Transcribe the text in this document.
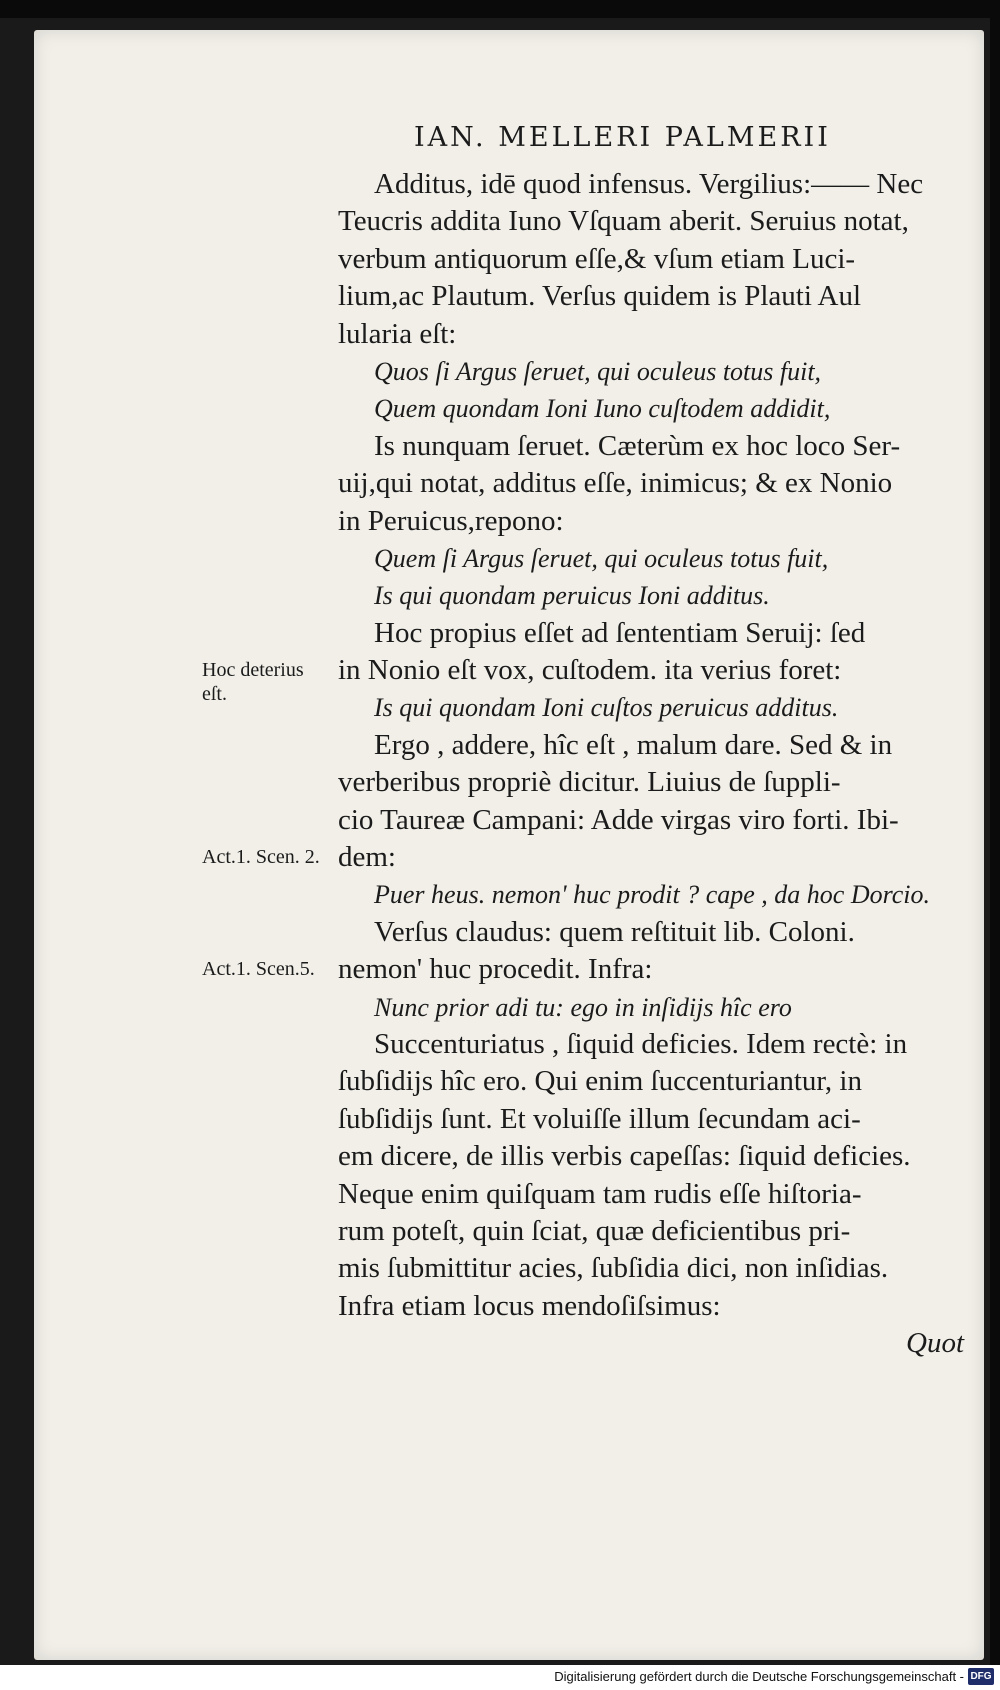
IAN. MELLERI PALMERII
Additus, idē quod infensus. Vergilius:—— Nec
Teucris addita Iuno Vſquam aberit. Seruius notat,
verbum antiquorum eſſe,& vſum etiam Luci-
lium,ac Plautum. Verſus quidem is Plauti Aul
lularia eſt:
Quos ſi Argus ſeruet, qui oculeus totus fuit,
Quem quondam Ioni Iuno cuſtodem addidit,
Is nunquam ſeruet. Cæterùm ex hoc loco Ser-
uij,qui notat, additus eſſe, inimicus; & ex Nonio
in Peruicus,repono:
Quem ſi Argus ſeruet, qui oculeus totus fuit,
Is qui quondam peruicus Ioni additus.
Hoc propius eſſet ad ſententiam Seruij: ſed
in Nonio eſt vox, cuſtodem. ita verius foret:
Is qui quondam Ioni cuſtos peruicus additus.
Ergo , addere, hîc eſt , malum dare. Sed & in
verberibus propriè dicitur. Liuius de ſuppli-
cio Taureæ Campani: Adde virgas viro forti. Ibi-
dem:
Puer heus. nemon' huc prodit ? cape , da hoc Dorcio.
Verſus claudus: quem reſtituit lib. Coloni.
nemon' huc procedit. Infra:
Nunc prior adi tu: ego in inſidijs hîc ero
Succenturiatus , ſiquid deficies. Idem rectè: in
ſubſidijs hîc ero. Qui enim ſuccenturiantur, in
ſubſidijs ſunt. Et voluiſſe illum ſecundam aci-
em dicere, de illis verbis capeſſas: ſiquid deficies.
Neque enim quiſquam tam rudis eſſe hiſtoria-
rum poteſt, quin ſciat, quæ deficientibus pri-
mis ſubmittitur acies, ſubſidia dici, non inſidias.
Infra etiam locus mendoſiſsimus:
Quot
Hoc deterius
eſt.
Act.1. Scen. 2.
Act.1. Scen.5.
Digitalisierung gefördert durch die Deutsche Forschungsgemeinschaft - DFG
